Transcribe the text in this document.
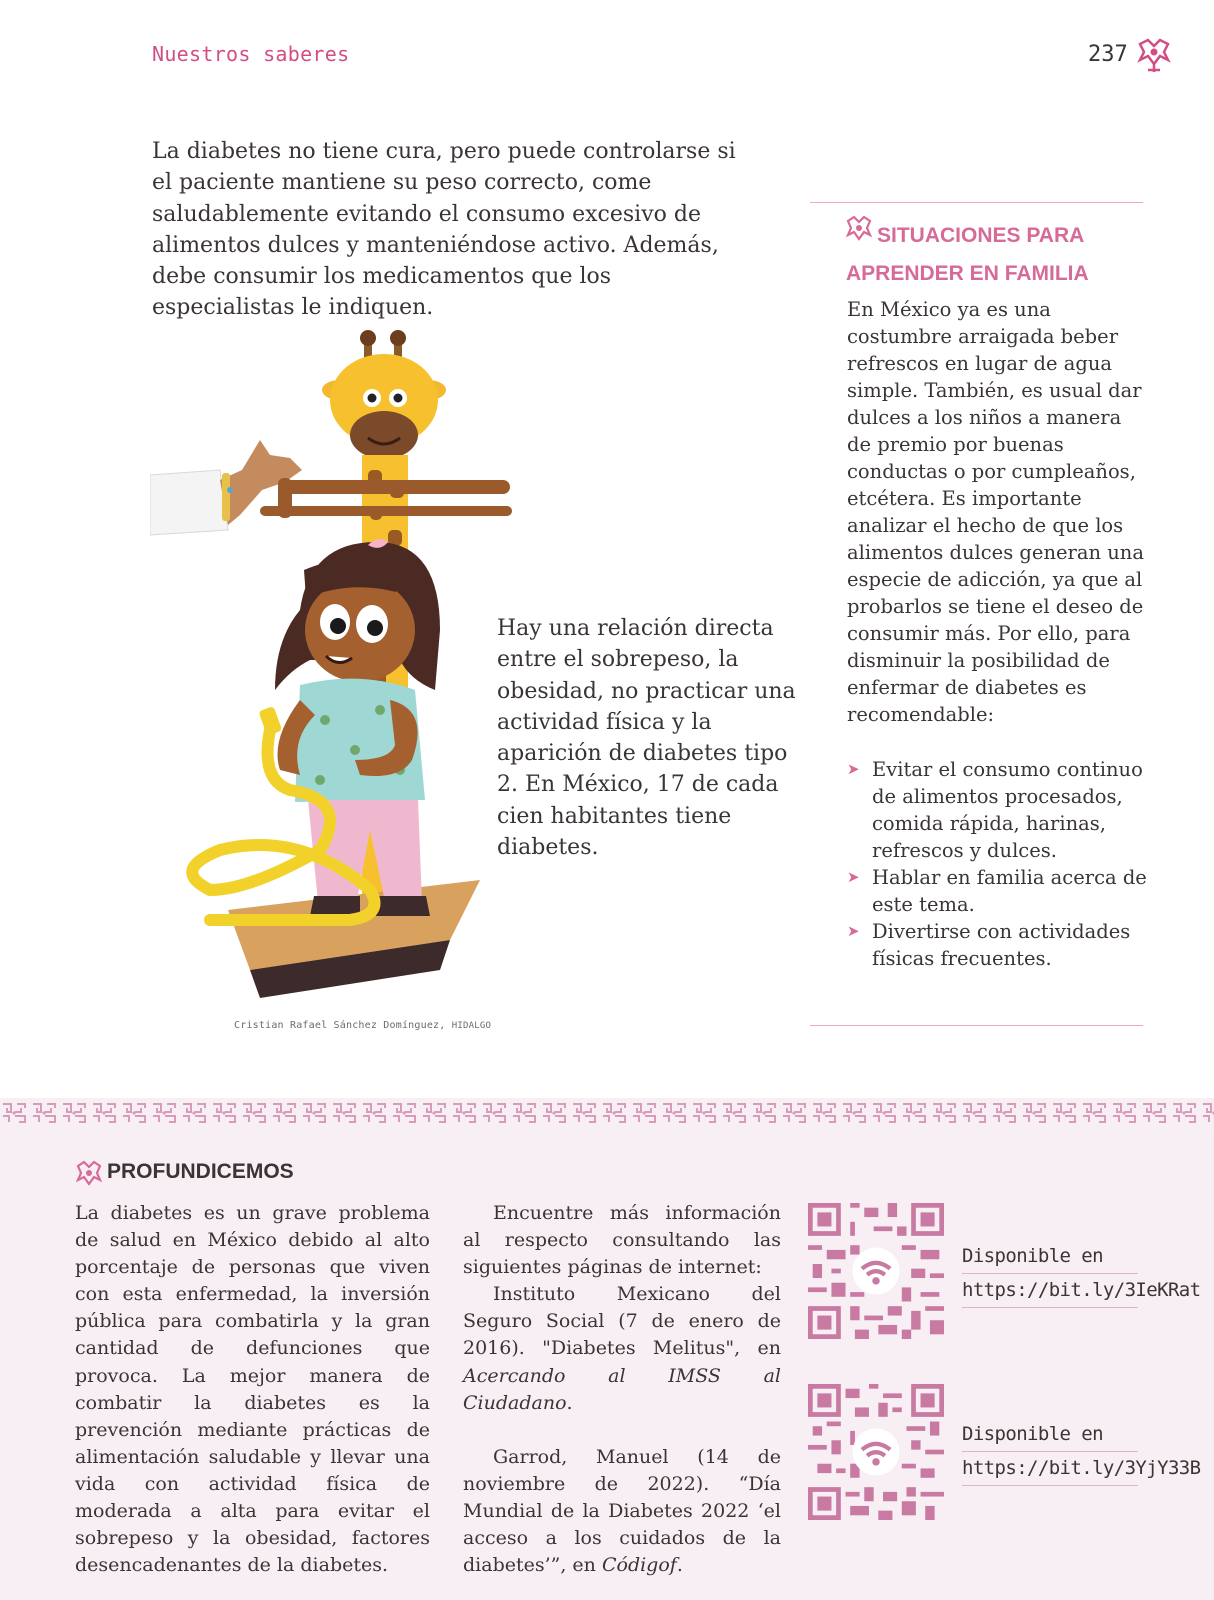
Nuestros saberes	237

La diabetes no tiene cura, pero puede controlarse si el paciente mantiene su peso correcto, come saludablemente evitando el consumo excesivo de alimentos dulces y manteniéndose activo. Además, debe consumir los medicamentos que los especialistas le indiquen.

Cristian Rafael Sánchez Domínguez, HIDALGO

Hay una relación directa entre el sobrepeso, la obesidad, no practicar una actividad física y la aparición de diabetes tipo 2. En México, 17 de cada cien habitantes tiene diabetes.

SITUACIONES PARA
APRENDER EN FAMILIA

En México ya es una costumbre arraigada beber refrescos en lugar de agua simple. También, es usual dar dulces a los niños a manera de premio por buenas conductas o por cumpleaños, etcétera. Es importante analizar el hecho de que los alimentos dulces generan una especie de adicción, ya que al probarlos se tiene el deseo de consumir más. Por ello, para disminuir la posibilidad de enfermar de diabetes es recomendable:

➤ Evitar el consumo continuo de alimentos procesados, comida rápida, harinas, refrescos y dulces.
➤ Hablar en familia acerca de este tema.
➤ Divertirse con actividades físicas frecuentes.
PROFUNDICEMOS

La diabetes es un grave problema de salud en México debido al alto porcentaje de personas que viven con esta enfermedad, la inversión pública para combatirla y la gran cantidad de defunciones que provoca. La mejor manera de combatir la diabetes es la prevención mediante prácticas de alimentación saludable y llevar una vida con actividad física de moderada a alta para evitar el sobrepeso y la obesidad, factores desencadenantes de la diabetes.

Encuentre más información al respecto consultando las siguientes páginas de internet:

Instituto Mexicano del Seguro Social (7 de enero de 2016). "Diabetes Melitus", en Acercando al IMSS al Ciudadano.

Garrod, Manuel (14 de noviembre de 2022). “Día Mundial de la Diabetes 2022 ‘el acceso a los cuidados de la diabetes’”, en Códigof.

Disponible en
https://bit.ly/3IeKRat
Disponible en
https://bit.ly/3YjY33B
